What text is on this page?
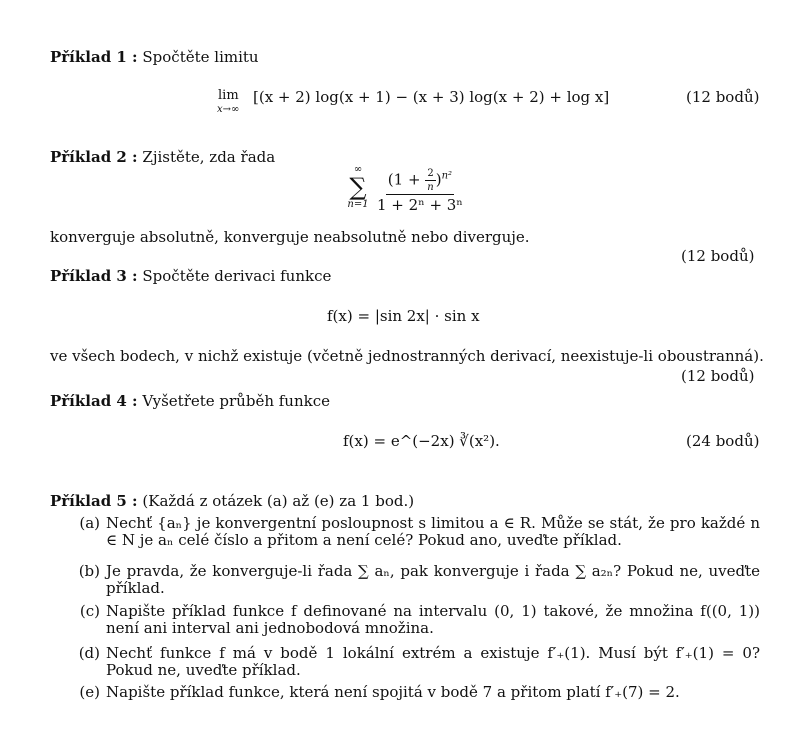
Příklad 1 : Spočtěte limitu
lim
x→∞
[(x + 2) log(x + 1) − (x + 3) log(x + 2) + log x]	(12 bodů)
Příklad 2 : Zjistěte, zda řada
∞
∑
$n=1 \frac{(1 + \frac{2}{n} )^{n^2}}{\text{1 + 2ⁿ + 3ⁿ}}$
konverguje absolutně, konverguje neabsolutně nebo diverguje.
(12 bodů)
Příklad 3 : Spočtěte derivaci funkce
f(x) = |sin 2x| · sin x
ve všech bodech, v nichž existuje (včetně jednostranných derivací, neexistuje-li oboustranná).
(12 bodů)
Příklad 4 : Vyšetřete průběh funkce
f(x) = e^(−2x) ∛(x²).	(24 bodů)
Příklad 5 : (Každá z otázek (a) až (e) za 1 bod.)
(a) Nechť {aₙ} je konvergentní posloupnost s limitou a ∈ R. Může se stát, že pro každé n ∈ N je aₙ celé číslo a přitom a není celé? Pokud ano, uveďte příklad.
(b) Je pravda, že konverguje-li řada ∑ aₙ, pak konverguje i řada ∑ a₂ₙ? Pokud ne, uveďte příklad.
(c) Napište příklad funkce f definované na intervalu (0, 1) takové, že množina f((0, 1)) není ani interval ani jednobodová množina.
(d) Nechť funkce f má v bodě 1 lokální extrém a existuje f′₊(1). Musí být f′₊(1) = 0? Pokud ne, uveďte příklad.
(e) Napište příklad funkce, která není spojitá v bodě 7 a přitom platí f′₊(7) = 2.
